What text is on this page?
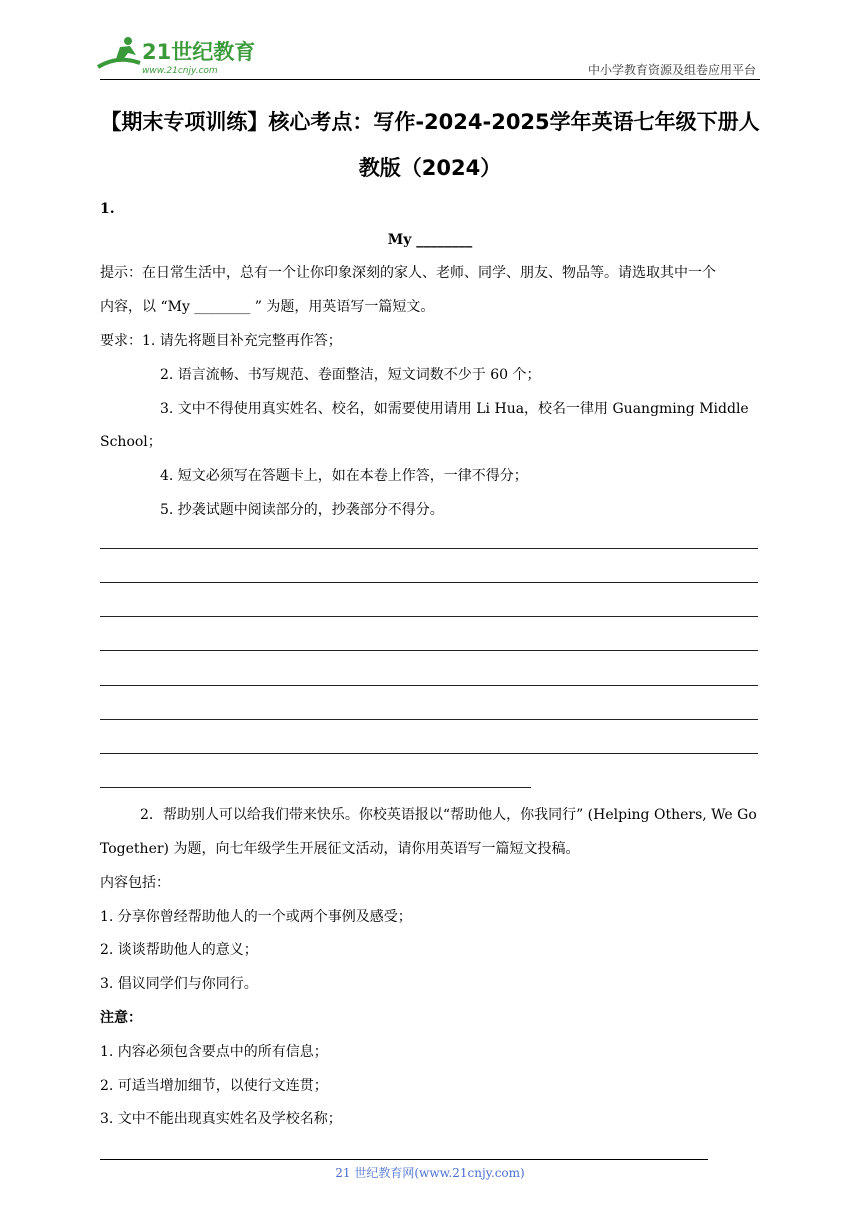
21世纪教育
www.21cnjy.com	中小学教育资源及组卷应用平台
【期末专项训练】核心考点：写作-2024-2025学年英语七年级下册人
教版（2024）
1.
My ________
提示：在日常生活中，总有一个让你印象深刻的家人、老师、同学、朋友、物品等。请选取其中一个
内容，以 “My ________ ” 为题，用英语写一篇短文。
要求：1. 请先将题目补充完整再作答；
2. 语言流畅、书写规范、卷面整洁，短文词数不少于 60 个；
3. 文中不得使用真实姓名、校名，如需要使用请用 Li Hua，校名一律用 Guangming Middle
School；
4. 短文必须写在答题卡上，如在本卷上作答，一律不得分；
5. 抄袭试题中阅读部分的，抄袭部分不得分。
2．帮助别人可以给我们带来快乐。你校英语报以“帮助他人，你我同行” (Helping Others, We Go
Together) 为题，向七年级学生开展征文活动，请你用英语写一篇短文投稿。
内容包括：
1. 分享你曾经帮助他人的一个或两个事例及感受；
2. 谈谈帮助他人的意义；
3. 倡议同学们与你同行。
注意：
1. 内容必须包含要点中的所有信息；
2. 可适当增加细节，以使行文连贯；
3. 文中不能出现真实姓名及学校名称；
21 世纪教育网(www.21cnjy.com)
